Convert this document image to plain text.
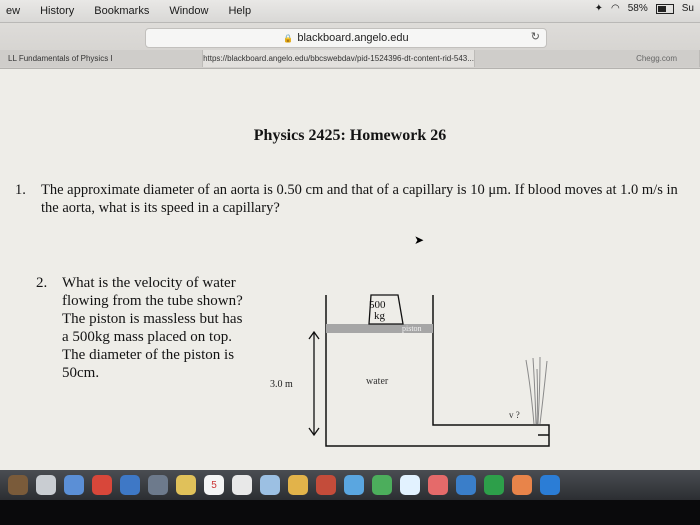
ew History Bookmarks Window Help	✦ ◠ 58%	Su
🔒 blackboard.angelo.edu	↻
LL Fundamentals of Physics I	https://blackboard.angelo.edu/bbcswebdav/pid-1524396-dt-content-rid-543...	Chegg.com
Physics 2425: Homework 26
1. The approximate diameter of an aorta is 0.50 cm and that of a capillary is 10 μm. If blood moves at 1.0 m/s in the aorta, what is its speed in a capillary?
➤
2. What is the velocity of water flowing from the tube shown? The piston is massless but has a 500kg mass placed on top. The diameter of the piston is 50cm.
3.0 m
piston
500
kg
water
v ?
5
